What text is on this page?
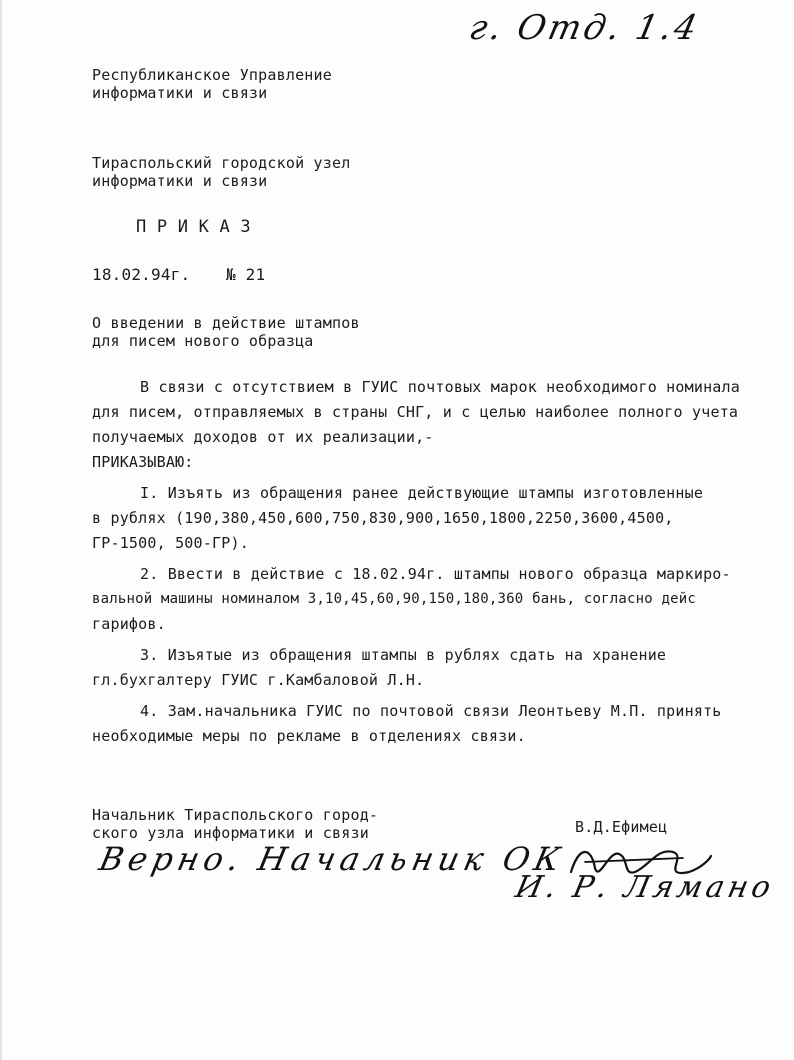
г. Отд. 1.4
Республиканское Управление
информатики и связи
Тираспольский городской узел
информатики и связи
П Р И К А З
18.02.94г. № 21
О введении в действие штампов
для писем нового образца
В связи с отсутствием в ГУИС почтовых марок необходимого номинала
для писем, отправляемых в страны СНГ, и с целью наиболее полного учета
получаемых доходов от их реализации,-
ПРИКАЗЫВАЮ:
I. Изъять из обращения ранее действующие штампы изготовленные
в рублях (190,380,450,600,750,830,900,1650,1800,2250,3600,4500,
ГР-1500, 500-ГР).
2. Ввести в действие с 18.02.94г. штампы нового образца маркиро-
вальной машины номиналом 3,10,45,60,90,150,180,360 бань, согласно дейс
гарифов.
3. Изъятые из обращения штампы в рублях сдать на хранение
гл.бухгалтеру ГУИС г.Камбаловой Л.Н.
4. Зам.начальника ГУИС по почтовой связи Леонтьеву М.П. принять
необходимые меры по рекламе в отделениях связи.
Начальник Тираспольского город-
ского узла информатики и связи	В.Д.Ефимец
Верно. Начальник ОК
И. Р. Лямано
